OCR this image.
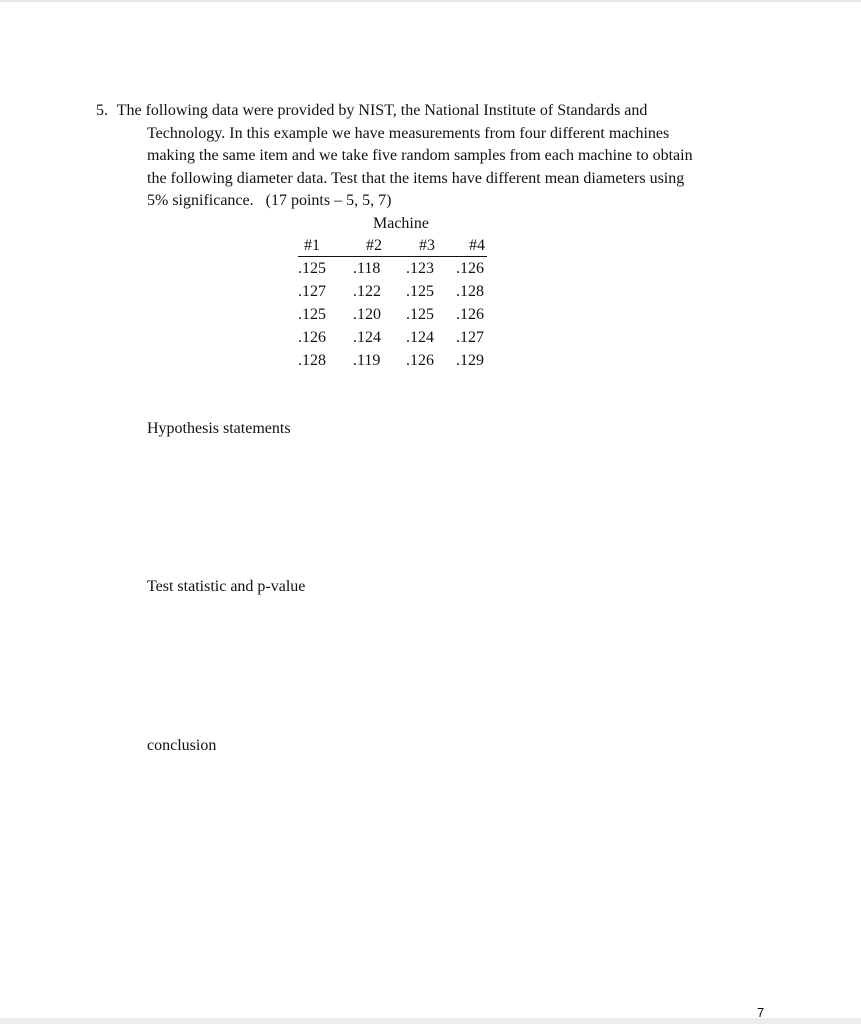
5. The following data were provided by NIST, the National Institute of Standards and
Technology. In this example we have measurements from four different machines
making the same item and we take five random samples from each machine to obtain
the following diameter data. Test that the items have different mean diameters using
5% significance.   (17 points – 5, 5, 7)
Machine
#1	#2 #3 #4
.125 .118 .123 .126
.127 .122 .125 .128
.125 .120 .125 .126
.126 .124 .124 .127
.128 .119 .126 .129
Hypothesis statements
Test statistic and p-value
conclusion
7
